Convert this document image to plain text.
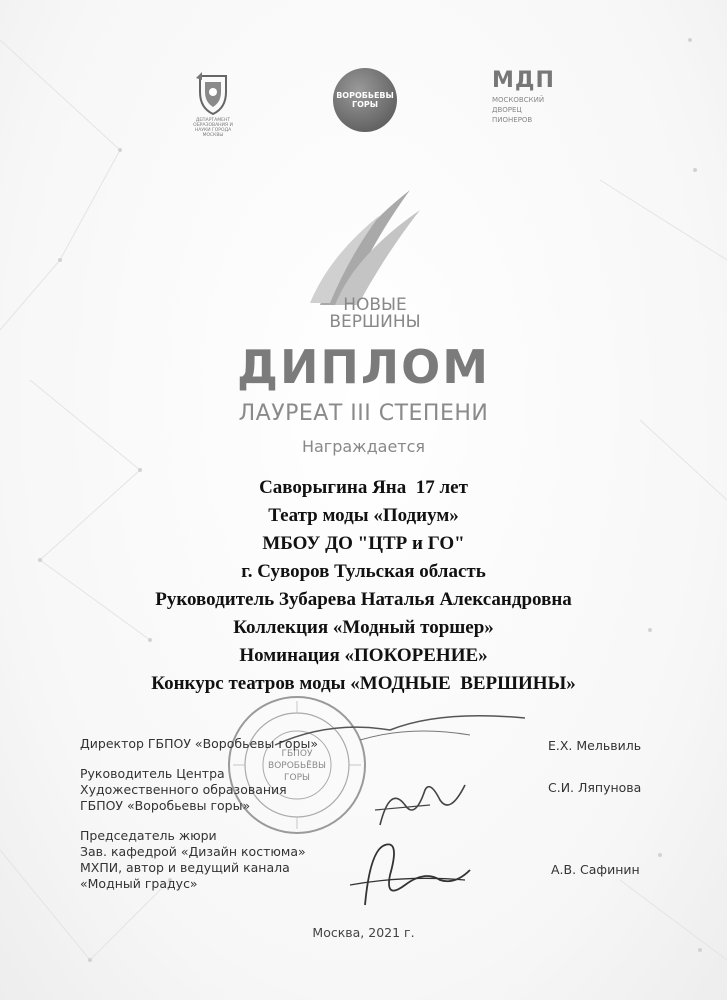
ДЕПАРТАМЕНТ ОБРАЗОВАНИЯ И НАУКИ ГОРОДА МОСКВЫ
ВОРОБЬЕВЫ
ГОРЫ
МДП
МОСКОВСКИЙ
ДВОРЕЦ
ПИОНЕРОВ
НОВЫЕ
ВЕРШИНЫ
ДИПЛОМ
ЛАУРЕАТ III СТЕПЕНИ
Награждается
Саворыгина Яна  17 лет
Театр моды «Подиум»
МБОУ ДО "ЦТР и ГО"
г. Суворов Тульская область
Руководитель Зубарева Наталья Александровна
Коллекция «Модный торшер»
Номинация «ПОКОРЕНИЕ»
Конкурс театров моды «МОДНЫЕ  ВЕРШИНЫ»
ГБПОУ
ВОРОБЬЁВЫ
ГОРЫ
Директор ГБПОУ «Воробьевы горы»	Е.Х. Мельвиль
Руководитель Центра
Художественного образования
ГБПОУ «Воробьевы горы»
С.И. Ляпунова
Председатель жюри
Зав. кафедрой «Дизайн костюма»
МХПИ, автор и ведущий канала
«Модный градус»
А.В. Сафинин
Москва, 2021 г.
